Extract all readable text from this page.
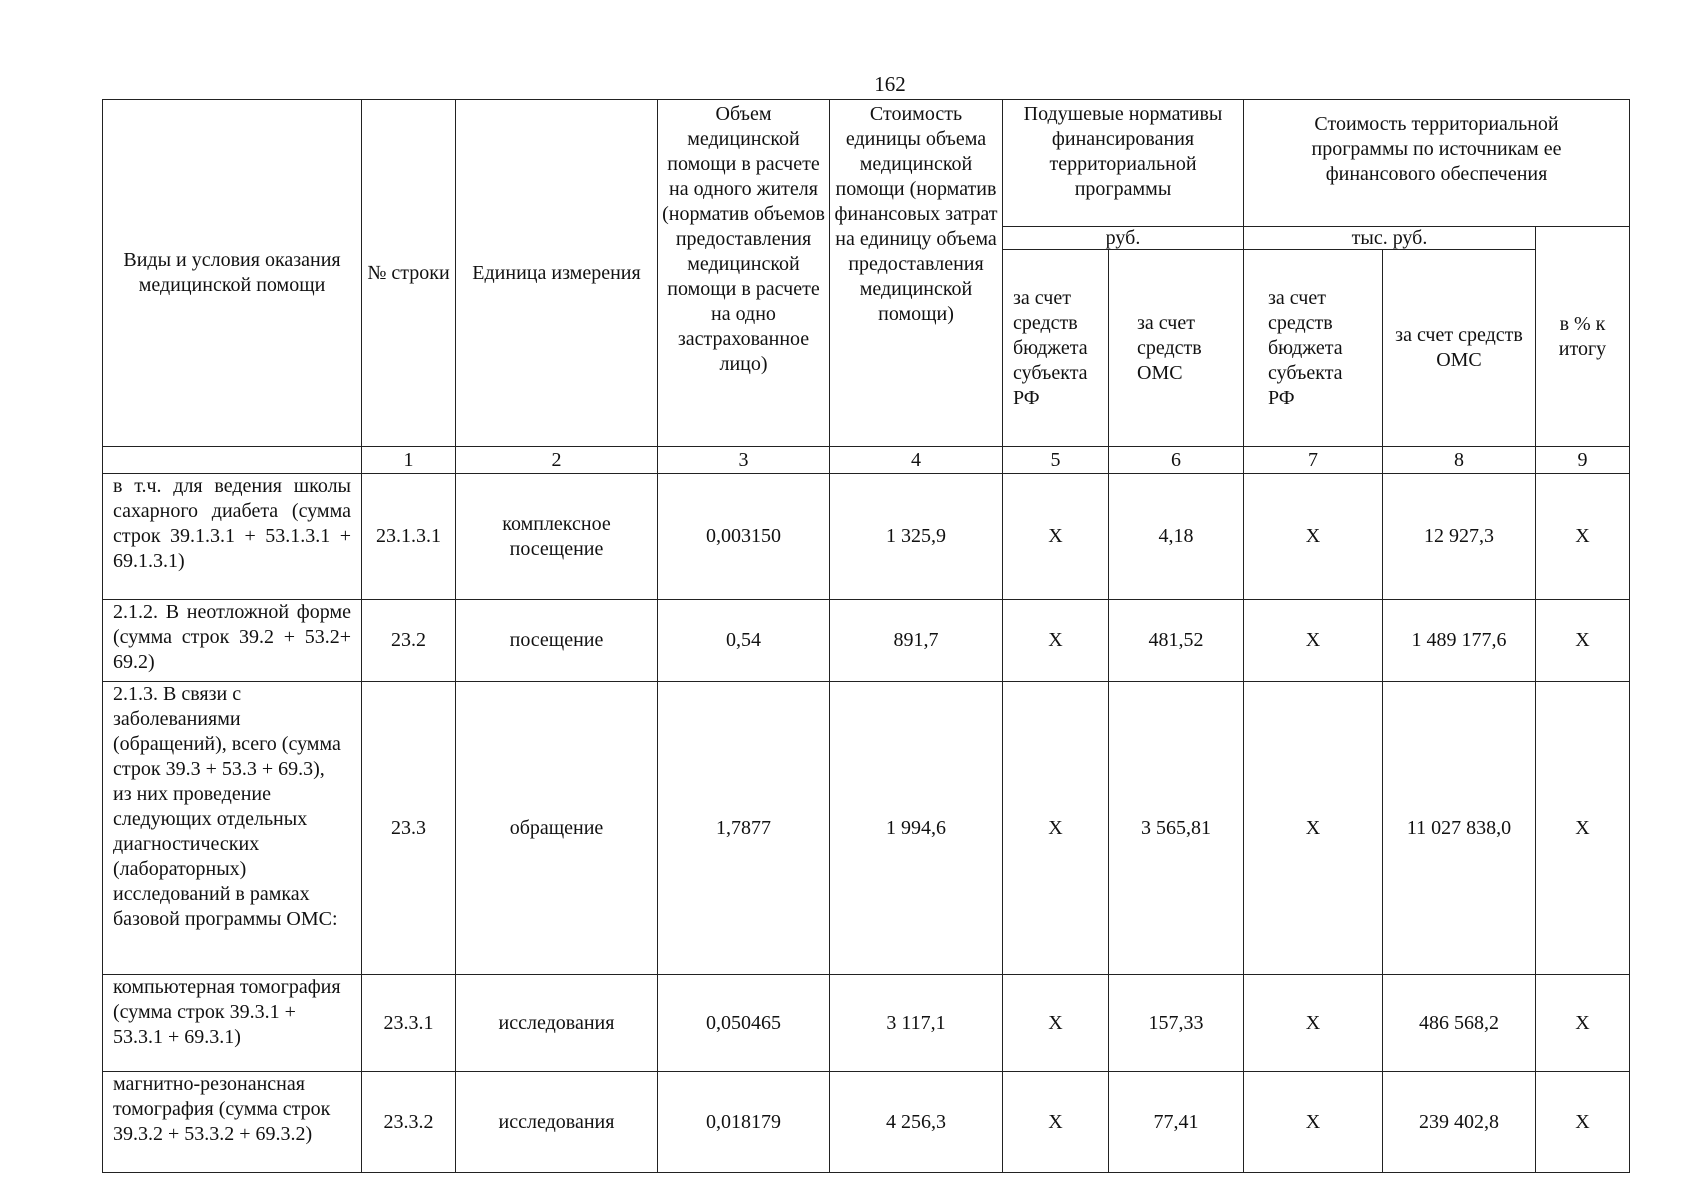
162
Виды и условия оказания медицинской помощи	№ строки	Единица измерения	Объем медицинской помощи в расчете на одного жителя (норматив объемов предоставления медицинской помощи в расчете на одно застрахованное лицо)	Стоимость единицы объема медицинской помощи (норматив финансовых затрат на единицу объема предоставления медицинской помощи)	Подушевые нормативы финансирования территориальной программы		Стоимость территориальной программы по источникам ее финансового обеспечения		
					руб.		тыс. руб.		в % к итогу
					за счет средств бюджета субъекта РФ	за счет средств ОМС	за счет средств бюджета субъекта РФ	за счет средств ОМС	
	1	2	3	4	5	6	7	8	9
в т.ч. для ведения школы сахарного диабета (сумма строк 39.1.3.1 + 53.1.3.1 + 69.1.3.1)	23.1.3.1	комплексное посещение	0,003150	1 325,9	Х	4,18	Х	12 927,3	Х
2.1.2. В неотложной форме (сумма строк 39.2 + 53.2+ 69.2)	23.2	посещение	0,54	891,7	Х	481,52	Х	1 489 177,6	Х
2.1.3. В связи с заболеваниями (обращений), всего (сумма строк 39.3 + 53.3 + 69.3), из них проведение следующих отдельных диагностических (лабораторных) исследований в рамках базовой программы ОМС:	23.3	обращение	1,7877	1 994,6	Х	3 565,81	Х	11 027 838,0	Х
компьютерная томография (сумма строк 39.3.1 + 53.3.1 + 69.3.1)	23.3.1	исследования	0,050465	3 117,1	Х	157,33	Х	486 568,2	Х
магнитно-резонансная томография (сумма строк 39.3.2 + 53.3.2 + 69.3.2)	23.3.2	исследования	0,018179	4 256,3	Х	77,41	Х	239 402,8	Х
